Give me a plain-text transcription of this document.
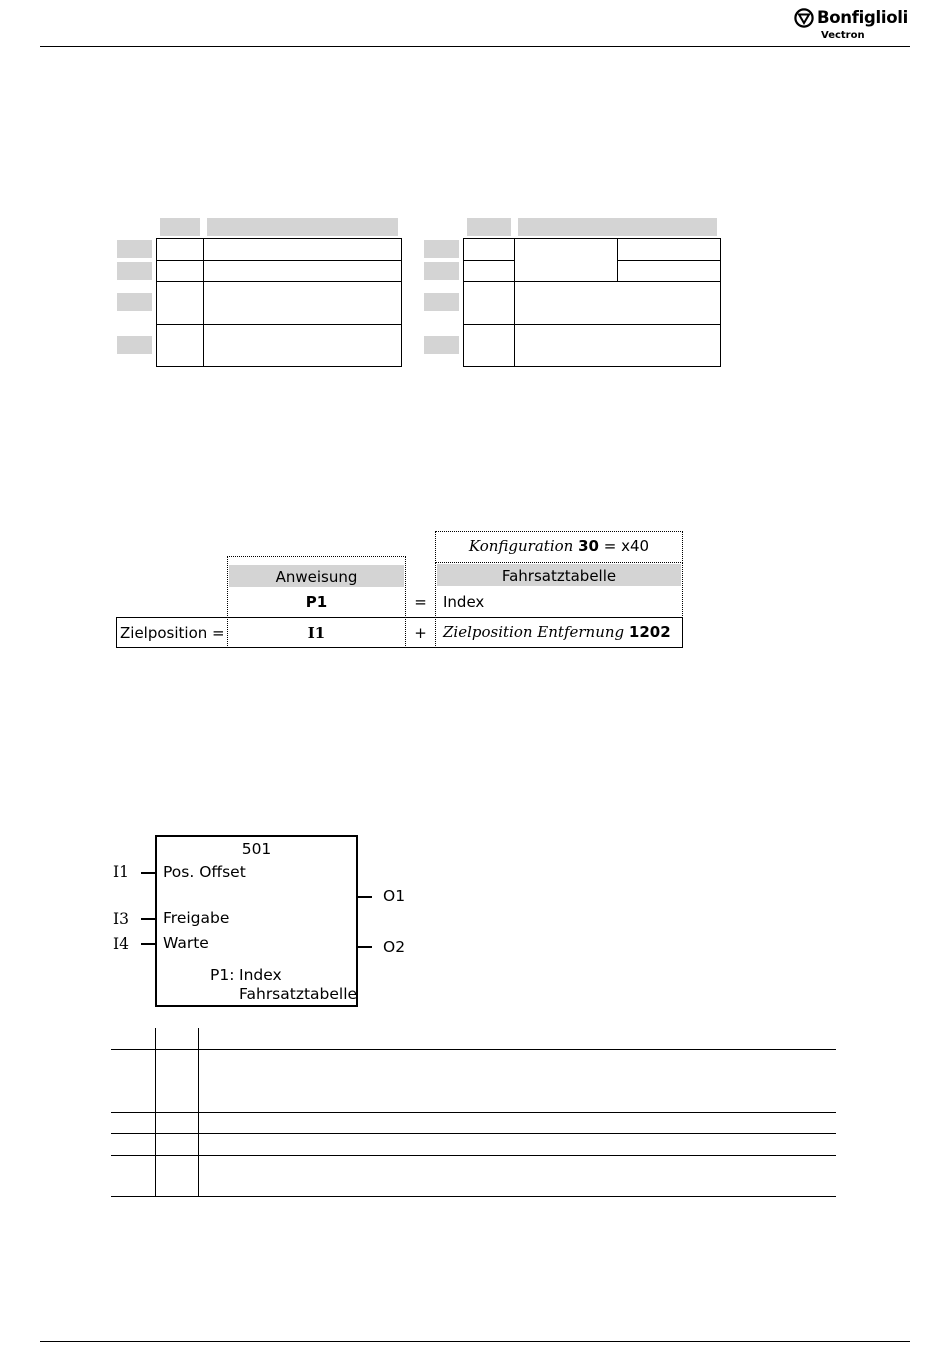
Bonfiglioli
Vectron
Konfiguration 30 = x40
Anweisung	Fahrsatztabelle
P1	=	Index
Zielposition =	I1	+	Zielposition Entfernung 1202
501
I1 Pos. Offset
I3 Freigabe
I4 Warte
O1
O2
P1: Index
Fahrsatztabelle
